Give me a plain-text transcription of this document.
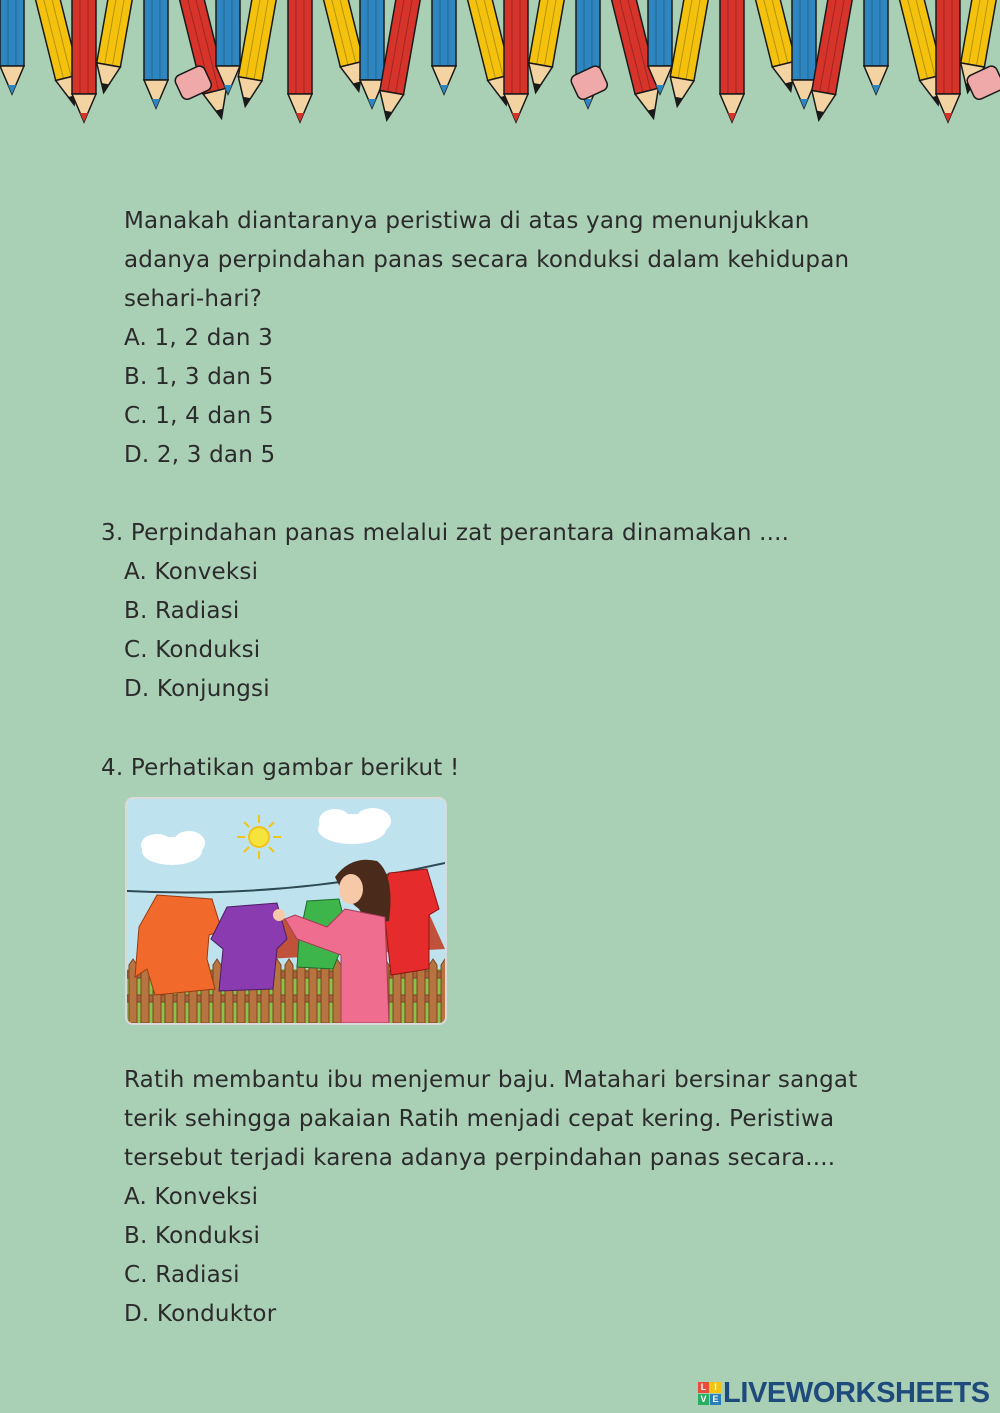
Manakah diantaranya peristiwa di atas yang menunjukkan
adanya perpindahan panas secara konduksi dalam kehidupan
sehari-hari?
A. 1, 2 dan 3
B. 1, 3 dan 5
C. 1, 4 dan 5
D. 2, 3 dan 5
3. Perpindahan panas melalui zat perantara dinamakan ....
A. Konveksi
B. Radiasi
C. Konduksi
D. Konjungsi
4. Perhatikan gambar berikut !
Ratih membantu ibu menjemur baju. Matahari bersinar sangat
terik sehingga pakaian Ratih menjadi cepat kering. Peristiwa
tersebut terjadi karena adanya perpindahan panas secara....
A. Konveksi
B. Konduksi
C. Radiasi
D. Konduktor
L I
V E LIVEWORKSHEETS
